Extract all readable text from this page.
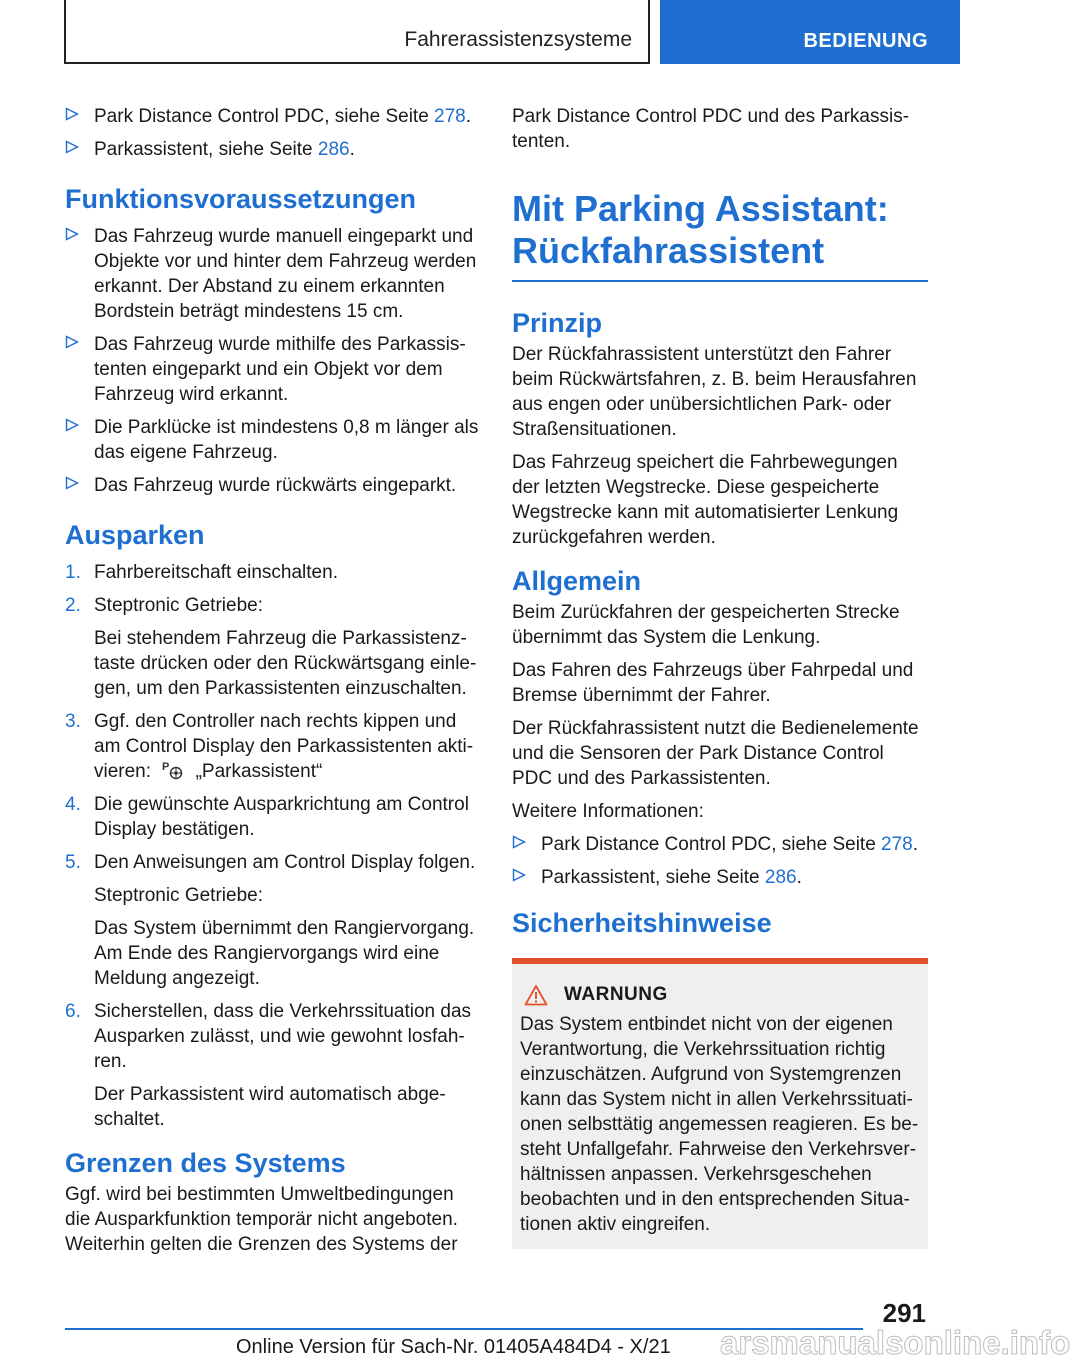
Fahrerassistenzsysteme	BEDIENUNG
Park Distance Control PDC, siehe Seite 278.
Parkassistent, siehe Seite 286.
Funktionsvoraussetzungen
Das Fahrzeug wurde manuell eingeparkt und Objekte vor und hinter dem Fahrzeug werden erkannt. Der Abstand zu einem erkannten Bordstein beträgt mindestens 15 cm.
Das Fahrzeug wurde mithilfe des Parkassis‐ tenten eingeparkt und ein Objekt vor dem Fahrzeug wird erkannt.
Die Parklücke ist mindestens 0,8 m länger als das eigene Fahrzeug.
Das Fahrzeug wurde rückwärts eingeparkt.
Ausparken
1. Fahrbereitschaft einschalten.
2. Steptronic Getriebe:

Bei stehendem Fahrzeug die Parkassistenz‐ taste drücken oder den Rückwärtsgang einle‐ gen, um den Parkassistenten einzuschalten.

3. Ggf. den Controller nach rechts kippen und am Control Display den Parkassistenten akti‐ vieren: P „Parkassistent“
4. Die gewünschte Ausparkrichtung am Control Display bestätigen.
5. Den Anweisungen am Control Display folgen.

Steptronic Getriebe:

Das System übernimmt den Rangiervorgang. Am Ende des Rangiervorgangs wird eine Meldung angezeigt.

6. Sicherstellen, dass die Verkehrssituation das Ausparken zulässt, und wie gewohnt losfah‐ ren.

Der Parkassistent wird automatisch abge‐ schaltet.

Grenzen des Systems

Ggf. wird bei bestimmten Umweltbedingungen die Ausparkfunktion temporär nicht angeboten. Weiterhin gelten die Grenzen des Systems der

Park Distance Control PDC und des Parkassis‐ tenten.

Mit Parking Assistant: Rückfahrassistent
Prinzip

Der Rückfahrassistent unterstützt den Fahrer beim Rückwärtsfahren, z. B. beim Herausfahren aus engen oder unübersichtlichen Park- oder Straßensituationen.

Das Fahrzeug speichert die Fahrbewegungen der letzten Wegstrecke. Diese gespeicherte Wegstrecke kann mit automatisierter Lenkung zurückgefahren werden.

Allgemein

Beim Zurückfahren der gespeicherten Strecke übernimmt das System die Lenkung.

Das Fahren des Fahrzeugs über Fahrpedal und Bremse übernimmt der Fahrer.

Der Rückfahrassistent nutzt die Bedienelemente und die Sensoren der Park Distance Control PDC und des Parkassistenten.

Weitere Informationen:

Park Distance Control PDC, siehe Seite 278.
Parkassistent, siehe Seite 286.
Sicherheitshinweise
WARNUNG

Das System entbindet nicht von der eigenen Verantwortung, die Verkehrssituation richtig einzuschätzen. Aufgrund von Systemgrenzen kann das System nicht in allen Verkehrssituati‐ onen selbsttätig angemessen reagieren. Es be‐ steht Unfallgefahr. Fahrweise den Verkehrsver‐ hältnissen anpassen. Verkehrsgeschehen beobachten und in den entsprechenden Situa‐ tionen aktiv eingreifen.

291
Online Version für Sach-Nr. 01405A484D4 - X/21 arsmanualsonline.info
